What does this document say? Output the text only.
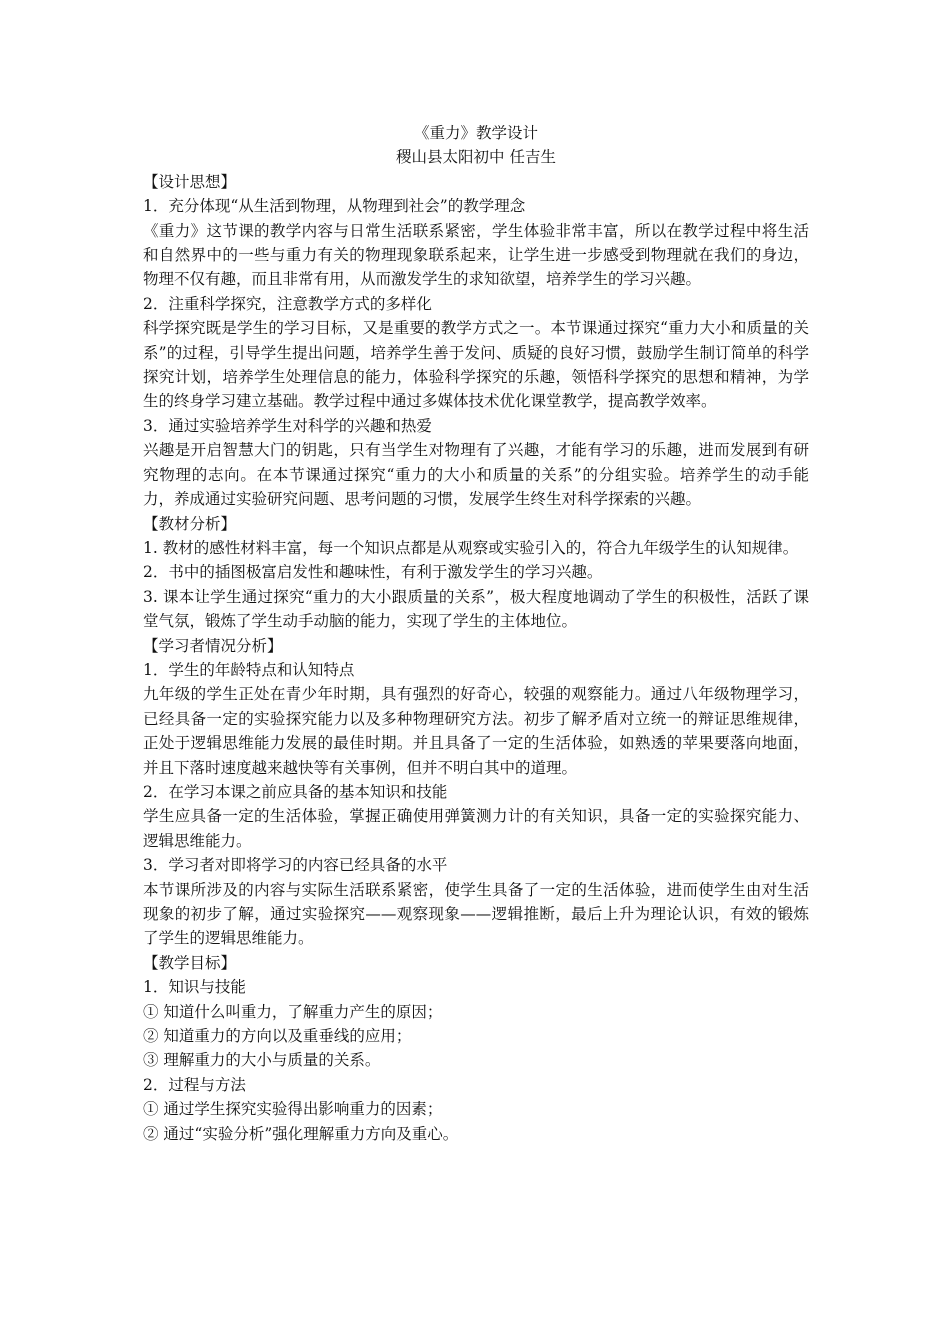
《重力》教学设计
稷山县太阳初中 任吉生
【设计思想】
1．充分体现“从生活到物理，从物理到社会”的教学理念
《重力》这节课的教学内容与日常生活联系紧密，学生体验非常丰富，所以在教学过程中将生活和自然界中的一些与重力有关的物理现象联系起来，让学生进一步感受到物理就在我们的身边，物理不仅有趣，而且非常有用，从而激发学生的求知欲望，培养学生的学习兴趣。
2．注重科学探究，注意教学方式的多样化
科学探究既是学生的学习目标，又是重要的教学方式之一。本节课通过探究“重力大小和质量的关系”的过程，引导学生提出问题，培养学生善于发问、质疑的良好习惯，鼓励学生制订简单的科学探究计划，培养学生处理信息的能力，体验科学探究的乐趣，领悟科学探究的思想和精神，为学生的终身学习建立基础。教学过程中通过多媒体技术优化课堂教学，提高教学效率。
3．通过实验培养学生对科学的兴趣和热爱
兴趣是开启智慧大门的钥匙，只有当学生对物理有了兴趣，才能有学习的乐趣，进而发展到有研究物理的志向。在本节课通过探究“重力的大小和质量的关系”的分组实验。培养学生的动手能力，养成通过实验研究问题、思考问题的习惯，发展学生终生对科学探索的兴趣。
【教材分析】
1. 教材的感性材料丰富，每一个知识点都是从观察或实验引入的，符合九年级学生的认知规律。
2．书中的插图极富启发性和趣味性，有利于激发学生的学习兴趣。
3. 课本让学生通过探究“重力的大小跟质量的关系”，极大程度地调动了学生的积极性，活跃了课堂气氛，锻炼了学生动手动脑的能力，实现了学生的主体地位。
【学习者情况分析】
1．学生的年龄特点和认知特点
九年级的学生正处在青少年时期，具有强烈的好奇心，较强的观察能力。通过八年级物理学习，已经具备一定的实验探究能力以及多种物理研究方法。初步了解矛盾对立统一的辩证思维规律，正处于逻辑思维能力发展的最佳时期。并且具备了一定的生活体验，如熟透的苹果要落向地面，并且下落时速度越来越快等有关事例，但并不明白其中的道理。
2．在学习本课之前应具备的基本知识和技能
学生应具备一定的生活体验，掌握正确使用弹簧测力计的有关知识，具备一定的实验探究能力、逻辑思维能力。
3．学习者对即将学习的内容已经具备的水平
本节课所涉及的内容与实际生活联系紧密，使学生具备了一定的生活体验，进而使学生由对生活现象的初步了解，通过实验探究——观察现象——逻辑推断，最后上升为理论认识，有效的锻炼了学生的逻辑思维能力。
【教学目标】
1．知识与技能
① 知道什么叫重力，了解重力产生的原因；
② 知道重力的方向以及重垂线的应用；
③ 理解重力的大小与质量的关系。
2．过程与方法
① 通过学生探究实验得出影响重力的因素；
② 通过“实验分析”强化理解重力方向及重心。
